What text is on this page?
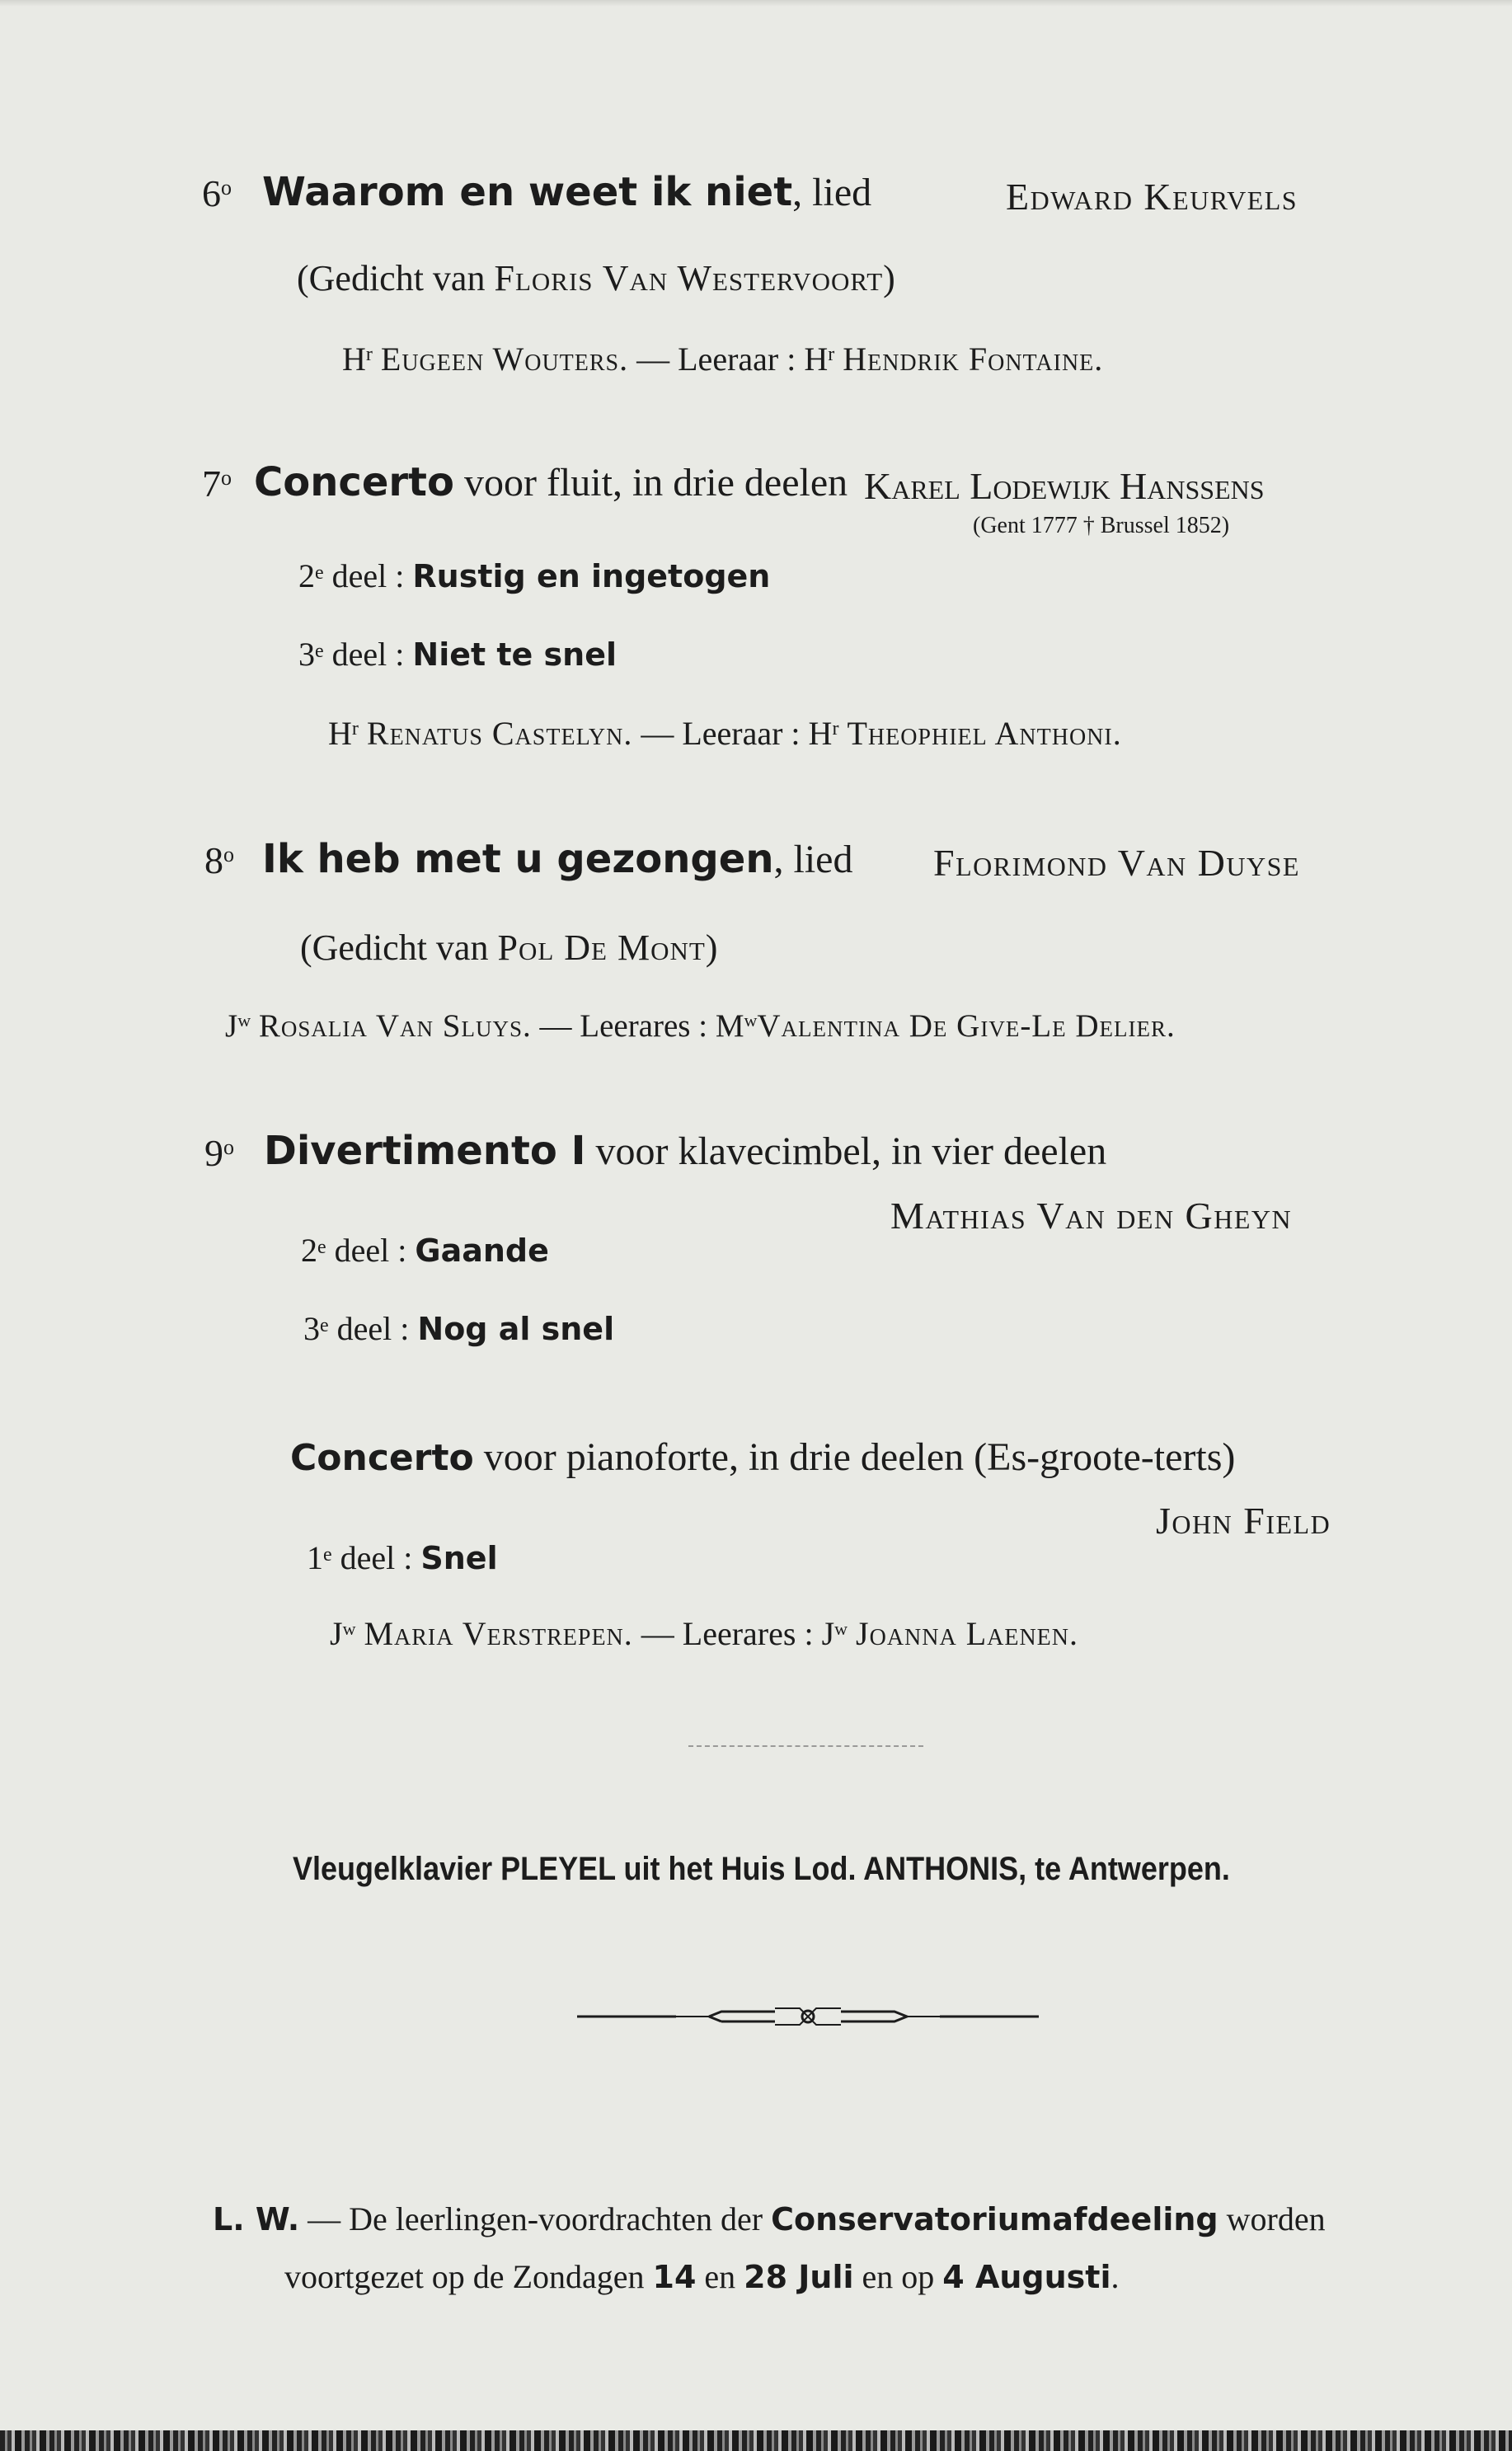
6$^o$ Waarom en weet ik niet, lied	Edward Keurvels
(Gedicht van Floris Van Westervoort)
$H^r$ Eugeen Wouters. — Leeraar : $H^r$ Hendrik Fontaine.
7$^o$ Concerto voor fluit, in drie deelen Karel Lodewijk Hanssens
(Gent 1777 † Brussel 1852)
2e deel : Rustig en ingetogen
3e deel : Niet te snel
$H^r$ Renatus Castelyn. — Leeraar : $H^r$ Theophiel Anthoni.
8$^o$ Ik heb met u gezongen, lied Florimond Van Duyse
(Gedicht van Pol De Mont)
$J^w$ Rosalia Van Sluys. — Leerares : $M^wValentina$ De Give-Le Delier.
9$^o$ Divertimento I voor klavecimbel, in vier deelen
Mathias Van den Gheyn
2e deel : Gaande
3e deel : Nog al snel
Concerto voor pianoforte, in drie deelen (Es-groote-terts)
John Field
1e deel : Snel
$J^w$ Maria Verstrepen. — Leerares : $J^w$ Joanna Laenen.
Vleugelklavier PLEYEL uit het Huis Lod. ANTHONIS, te Antwerpen.
L. W. — De leerlingen-voordrachten der Conservatoriumafdeeling worden
voortgezet op de Zondagen 14 en 28 Juli en op 4 Augusti.
